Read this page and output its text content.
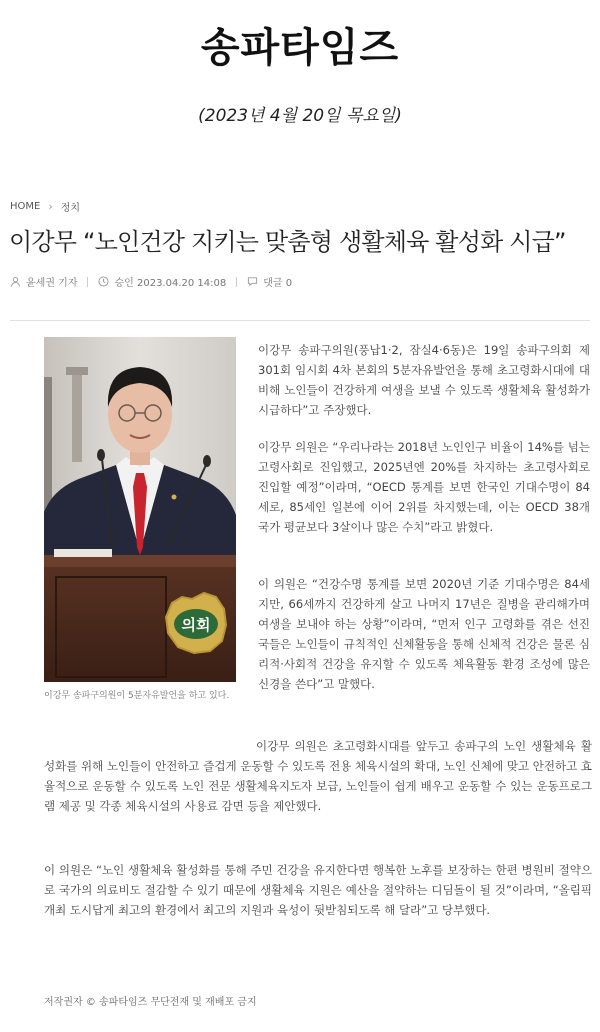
송파타임즈
(2023년 4월 20일 목요일)
HOME › 정치
이강무 “노인건강 지키는 맞춤형 생활체육 활성화 시급”
윤세권 기자	승인 2023.04.20 14:08	댓글 0
의회
이강무 송파구의원이 5분자유발언을 하고 있다.

이강무 송파구의원(풍납1·2, 잠실4·6동)은 19일 송파구의회 제301회 임시회 4차 본회의 5분자유발언을 통해 초고령화시대에 대비해 노인들이 건강하게 여생을 보낼 수 있도록 생활체육 활성화가 시급하다”고 주장했다.

이강무 의원은 “우리나라는 2018년 노인인구 비율이 14%를 넘는 고령사회로 진입했고, 2025년엔 20%를 차지하는 초고령사회로 진입할 예정”이라며, “OECD 통계를 보면 한국인 기대수명이 84세로, 85세인 일본에 이어 2위를 차지했는데, 이는 OECD 38개 국가 평균보다 3살이나 많은 수치”라고 밝혔다.

이 의원은 “건강수명 통계를 보면 2020년 기준 기대수명은 84세지만, 66세까지 건강하게 살고 나머지 17년은 질병을 관리해가며 여생을 보내야 하는 상황”이라며, “먼저 인구 고령화를 겪은 선진국들은 노인들이 규칙적인 신체활동을 통해 신체적 건강은 물론 심리적·사회적 건강을 유지할 수 있도록 체육활동 환경 조성에 많은 신경을 쓴다”고 말했다.

이강무 의원은 초고령화시대를 앞두고 송파구의 노인 생활체육 활성화를 위해 노인들이 안전하고 즐겁게 운동할 수 있도록 전용 체육시설의 확대, 노인 신체에 맞고 안전하고 효율적으로 운동할 수 있도록 노인 전문 생활체육지도자 보급, 노인들이 쉽게 배우고 운동할 수 있는 운동프로그램 제공 및 각종 체육시설의 사용료 감면 등을 제안했다.

이 의원은 “노인 생활체육 활성화를 통해 주민 건강을 유지한다면 행복한 노후를 보장하는 한편 병원비 절약으로 국가의 의료비도 절감할 수 있기 때문에 생활체육 지원은 예산을 절약하는 디딤돌이 될 것”이라며, “올림픽 개최 도시답게 최고의 환경에서 최고의 지원과 육성이 뒷받침되도록 해 달라”고 당부했다.

저작권자 © 송파타임즈 무단전재 및 재배포 금지
